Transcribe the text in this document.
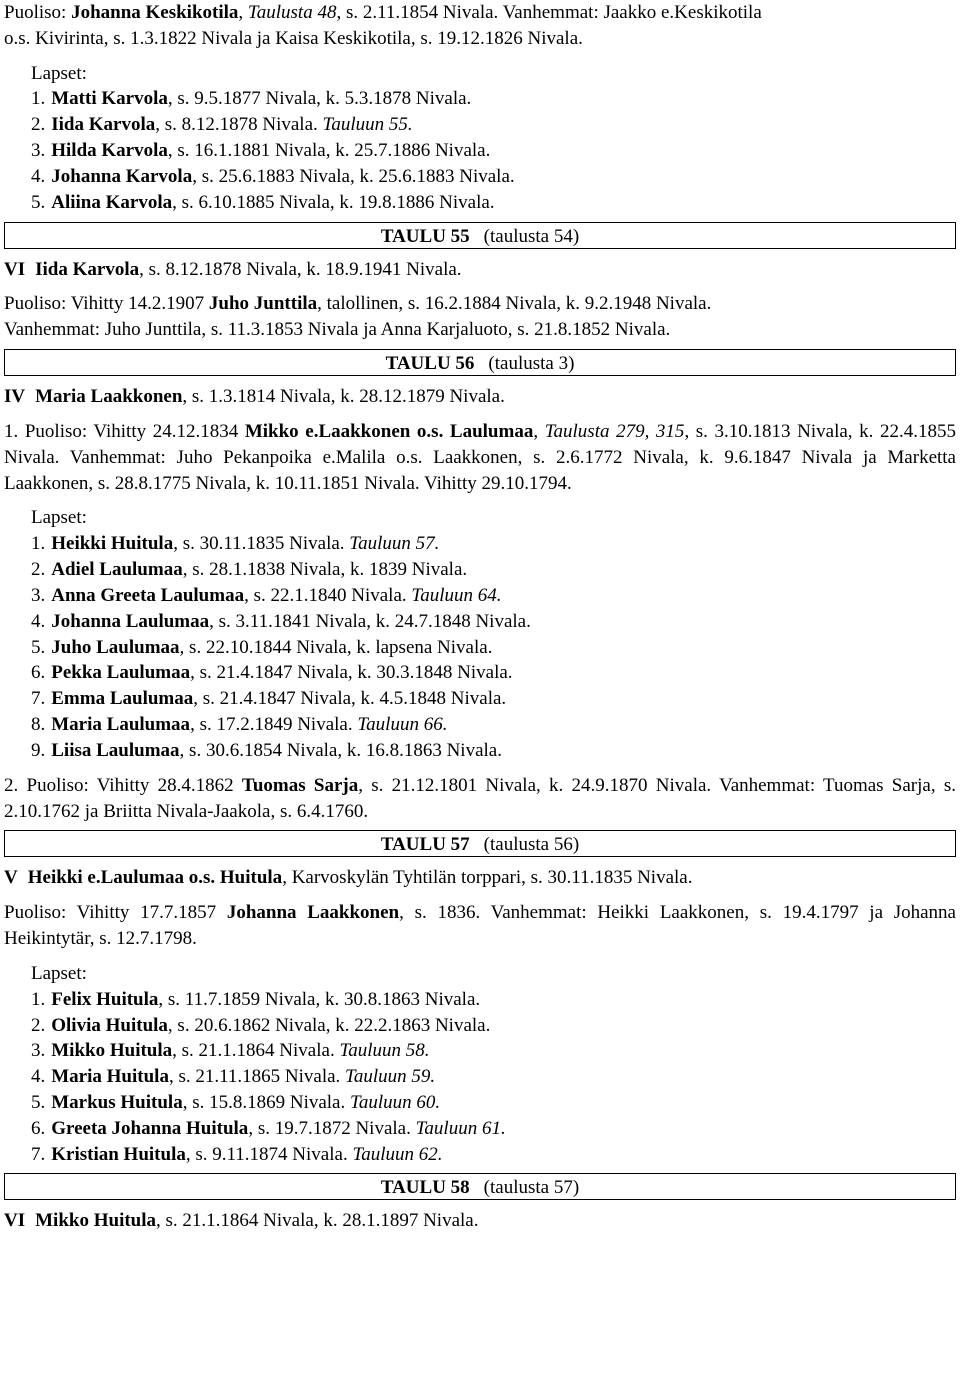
Puoliso: Johanna Keskikotila, Taulusta 48, s. 2.11.1854 Nivala. Vanhemmat: Jaakko e.Keskikotila
o.s. Kivirinta, s. 1.3.1822 Nivala ja Kaisa Keskikotila, s. 19.12.1826 Nivala.
Lapset:
1. Matti Karvola, s. 9.5.1877 Nivala, k. 5.3.1878 Nivala.
2. Iida Karvola, s. 8.12.1878 Nivala. Tauluun 55.
3. Hilda Karvola, s. 16.1.1881 Nivala, k. 25.7.1886 Nivala.
4. Johanna Karvola, s. 25.6.1883 Nivala, k. 25.6.1883 Nivala.
5. Aliina Karvola, s. 6.10.1885 Nivala, k. 19.8.1886 Nivala.
TAULU 55 (taulusta 54)
VI Iida Karvola, s. 8.12.1878 Nivala, k. 18.9.1941 Nivala.
Puoliso: Vihitty 14.2.1907 Juho Junttila, talollinen, s. 16.2.1884 Nivala, k. 9.2.1948 Nivala.
Vanhemmat: Juho Junttila, s. 11.3.1853 Nivala ja Anna Karjaluoto, s. 21.8.1852 Nivala.
TAULU 56 (taulusta 3)
IV Maria Laakkonen, s. 1.3.1814 Nivala, k. 28.12.1879 Nivala.
1. Puoliso: Vihitty 24.12.1834 Mikko e.Laakkonen o.s. Laulumaa, Taulusta 279, 315, s. 3.10.1813 Nivala, k. 22.4.1855 Nivala. Vanhemmat: Juho Pekanpoika e.Malila o.s. Laakkonen, s. 2.6.1772 Nivala, k. 9.6.1847 Nivala ja Marketta Laakkonen, s. 28.8.1775 Nivala, k. 10.11.1851 Nivala. Vihitty 29.10.1794.
Lapset:
1. Heikki Huitula, s. 30.11.1835 Nivala. Tauluun 57.
2. Adiel Laulumaa, s. 28.1.1838 Nivala, k. 1839 Nivala.
3. Anna Greeta Laulumaa, s. 22.1.1840 Nivala. Tauluun 64.
4. Johanna Laulumaa, s. 3.11.1841 Nivala, k. 24.7.1848 Nivala.
5. Juho Laulumaa, s. 22.10.1844 Nivala, k. lapsena Nivala.
6. Pekka Laulumaa, s. 21.4.1847 Nivala, k. 30.3.1848 Nivala.
7. Emma Laulumaa, s. 21.4.1847 Nivala, k. 4.5.1848 Nivala.
8. Maria Laulumaa, s. 17.2.1849 Nivala. Tauluun 66.
9. Liisa Laulumaa, s. 30.6.1854 Nivala, k. 16.8.1863 Nivala.
2. Puoliso: Vihitty 28.4.1862 Tuomas Sarja, s. 21.12.1801 Nivala, k. 24.9.1870 Nivala. Vanhemmat: Tuomas Sarja, s. 2.10.1762 ja Briitta Nivala-Jaakola, s. 6.4.1760.
TAULU 57 (taulusta 56)
V Heikki e.Laulumaa o.s. Huitula, Karvoskylän Tyhtilän torppari, s. 30.11.1835 Nivala.
Puoliso: Vihitty 17.7.1857 Johanna Laakkonen, s. 1836. Vanhemmat: Heikki Laakkonen, s. 19.4.1797 ja Johanna Heikintytär, s. 12.7.1798.
Lapset:
1. Felix Huitula, s. 11.7.1859 Nivala, k. 30.8.1863 Nivala.
2. Olivia Huitula, s. 20.6.1862 Nivala, k. 22.2.1863 Nivala.
3. Mikko Huitula, s. 21.1.1864 Nivala. Tauluun 58.
4. Maria Huitula, s. 21.11.1865 Nivala. Tauluun 59.
5. Markus Huitula, s. 15.8.1869 Nivala. Tauluun 60.
6. Greeta Johanna Huitula, s. 19.7.1872 Nivala. Tauluun 61.
7. Kristian Huitula, s. 9.11.1874 Nivala. Tauluun 62.
TAULU 58 (taulusta 57)
VI Mikko Huitula, s. 21.1.1864 Nivala, k. 28.1.1897 Nivala.
